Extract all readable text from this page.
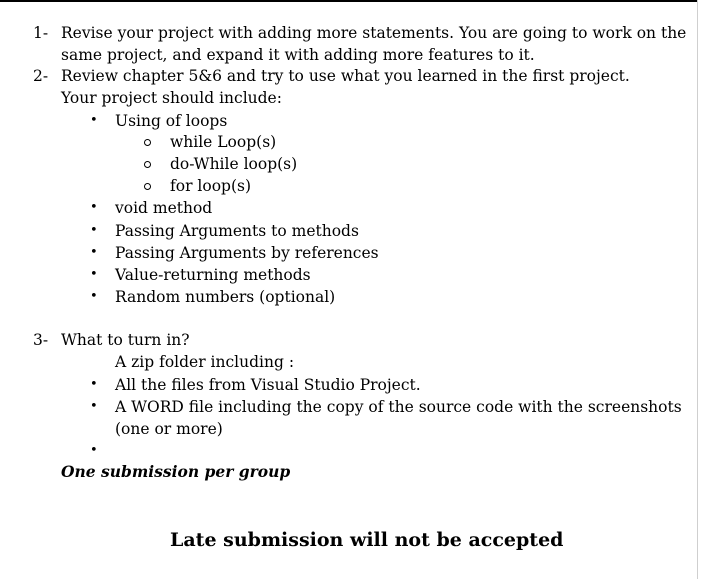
1- Revise your project with adding more statements. You are going to work on the
same project, and expand it with adding more features to it.
2- Review chapter 5&6 and try to use what you learned in the first project.
Your project should include:
• Using of loops
while Loop(s)
do-While loop(s)
for loop(s)
• void method
• Passing Arguments to methods
• Passing Arguments by references
• Value-returning methods
• Random numbers (optional)
3- What to turn in?
A zip folder including :
• All the files from Visual Studio Project.
• A WORD file including the copy of the source code with the screenshots
(one or more)
•
One submission per group
Late submission will not be accepted
